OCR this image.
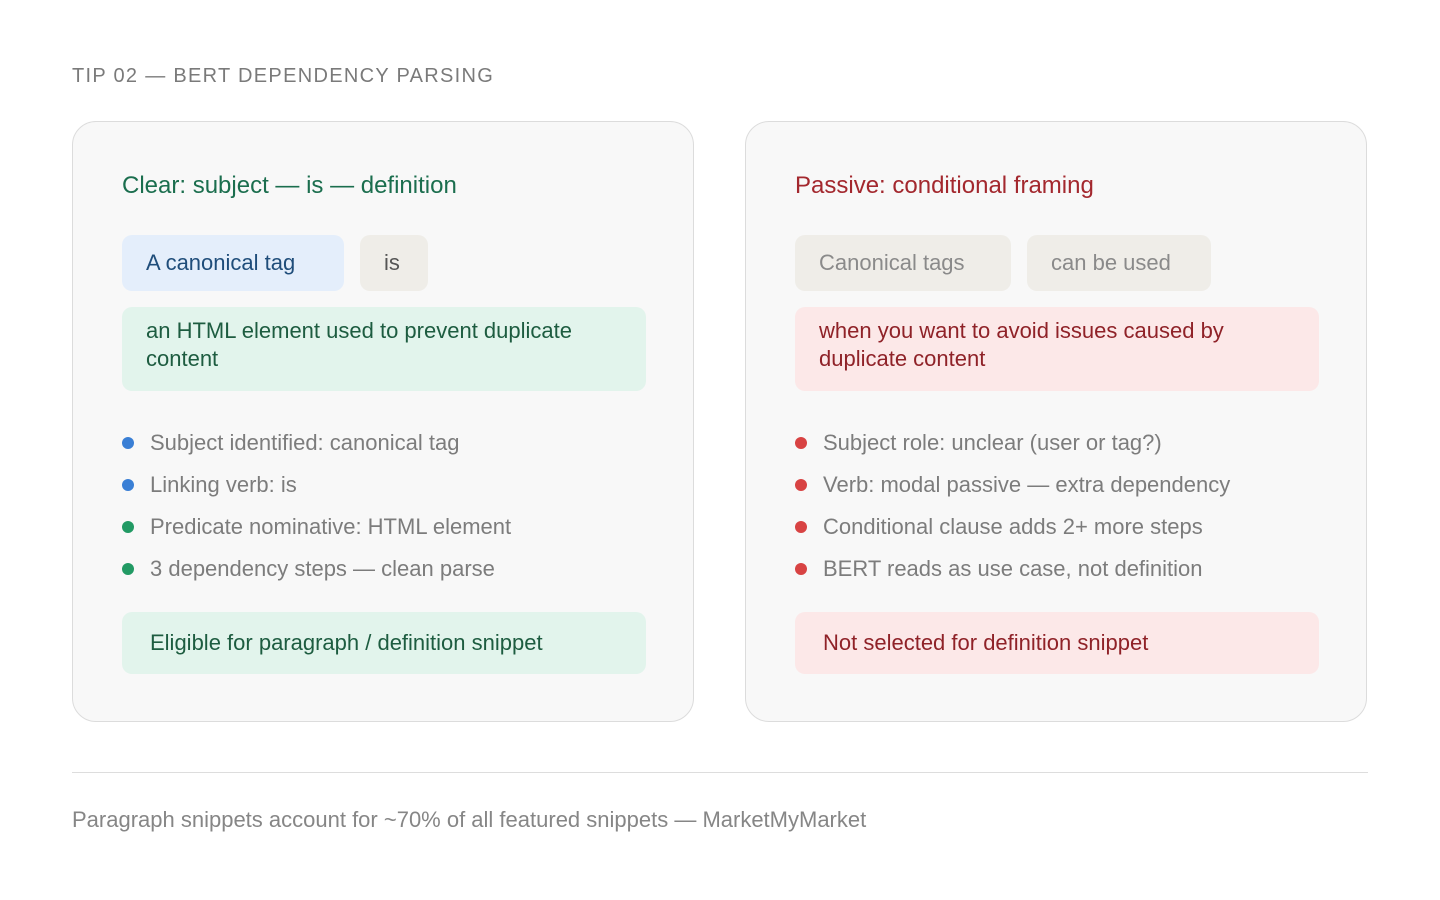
TIP 02 — BERT DEPENDENCY PARSING
Clear: subject — is — definition
A canonical tag	is
an HTML element used to prevent duplicate content
Subject identified: canonical tag
Linking verb: is
Predicate nominative: HTML element
3 dependency steps — clean parse
Eligible for paragraph / definition snippet
Passive: conditional framing
Canonical tags	can be used
when you want to avoid issues caused by duplicate content
Subject role: unclear (user or tag?)
Verb: modal passive — extra dependency
Conditional clause adds 2+ more steps
BERT reads as use case, not definition
Not selected for definition snippet
Paragraph snippets account for ~70% of all featured snippets — MarketMyMarket
